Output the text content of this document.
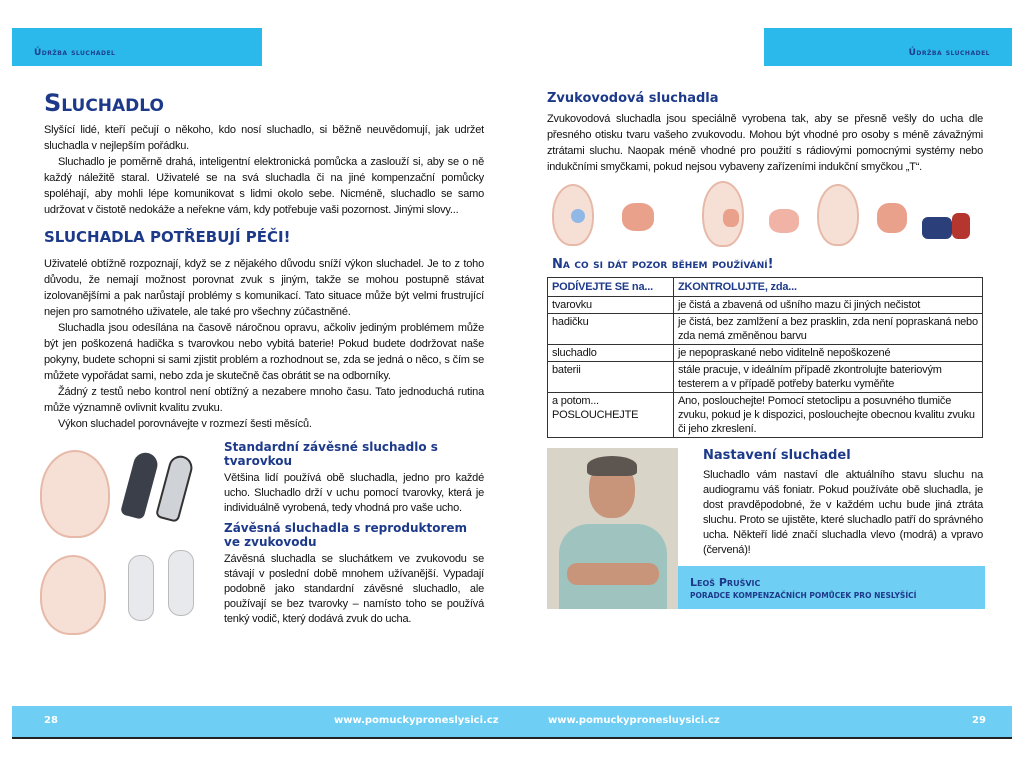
Údržba sluchadel	Údržba sluchadel
Sluchadlo
Slyšící lidé, kteří pečují o někoho, kdo nosí sluchadlo, si běžně neuvědomují, jak udržet sluchadla v nejlepším pořádku.
Sluchadlo je poměrně drahá, inteligentní elektronická pomůcka a zaslouží si, aby se o ně každý náležitě staral. Uživatelé se na svá sluchadla či na jiné kompenzační pomůcky spoléhají, aby mohli lépe komunikovat s lidmi okolo sebe. Nicméně, sluchadlo se samo udržovat v čistotě nedokáže a neřekne vám, kdy potřebuje vaši pozornost. Jinými slovy...
SLUCHADLA POTŘEBUJÍ PÉČI!
Uživatelé obtížně rozpoznají, když se z nějakého důvodu sníží výkon sluchadel. Je to z toho důvodu, že nemají možnost porovnat zvuk s jiným, takže se mohou postupně stávat izolovanějšími a pak narůstají problémy s komunikací. Tato situace může být velmi frustrující nejen pro samotného uživatele, ale také pro všechny zúčastněné.
Sluchadla jsou odesílána na časově náročnou opravu, ačkoliv jediným problémem může být jen poškozená hadička s tvarovkou nebo vybitá baterie! Pokud budete dodržovat naše pokyny, budete schopni si sami zjistit problém a rozhodnout se, zda se jedná o něco, s čím se můžete vypořádat sami, nebo zda je skutečně čas obrátit se na odborníky.
Žádný z testů nebo kontrol není obtížný a nezabere mnoho času. Tato jednoduchá rutina může významně ovlivnit kvalitu zvuku.
Výkon sluchadel porovnávejte v rozmezí šesti měsíců.
Standardní závěsné sluchadlo s tvarovkou
Většina lidí používá obě sluchadla, jedno pro každé ucho. Sluchadlo drží v uchu pomocí tvarovky, která je individuálně vyrobená, tedy vhodná pro vaše ucho.
Závěsná sluchadla s reproduktorem ve zvukovodu
Závěsná sluchadla se sluchátkem ve zvukovodu se stávají v poslední době mnohem užívanější. Vypadají podobně jako standardní závěsné sluchadlo, ale používají se bez tvarovky – namísto toho se používá tenký vodič, který dodává zvuk do ucha.
Zvukovodová sluchadla
Zvukovodová sluchadla jsou speciálně vyrobena tak, aby se přesně vešly do ucha dle přesného otisku tvaru vašeho zvukovodu. Mohou být vhodné pro osoby s méně závažnými ztrátami sluchu. Naopak méně vhodné pro použití s rádiovými pomocnými systémy nebo indukčními smyčkami, pokud nejsou vybaveny zařízeními indukční smyčkou „T“.
Na co si dát pozor během používání!
PODÍVEJTE SE na...	ZKONTROLUJTE, zda...
tvarovku	je čistá a zbavená od ušního mazu či jiných nečistot
hadičku	je čistá, bez zamlžení a bez prasklin, zda není popraskaná nebo zda nemá změněnou barvu
sluchadlo	je nepopraskané nebo viditelně nepoškozené
baterii	stále pracuje, v ideálním případě zkontrolujte bateriovým testerem a v případě potřeby baterku vyměňte
a potom... POSLOUCHEJTE	Ano, poslouchejte! Pomocí stetoclipu a posuvného tlumiče zvuku, pokud je k dispozici, poslouchejte obecnou kvalitu zvuku či jeho zkreslení.
Nastavení sluchadel
Sluchadlo vám nastaví dle aktuálního stavu sluchu na audiogramu váš foniatr. Pokud používáte obě sluchadla, je dost pravděpodobné, že v každém uchu bude jiná ztráta sluchu. Proto se ujistěte, které sluchadlo patří do správného ucha. Někteří lidé značí sluchadla vlevo (modrá) a vpravo (červená)!
Leoš Prušvic
PORADCE KOMPENZAČNÍCH POMŮCEK PRO NESLYŠÍCÍ
28	www.pomuckyproneslysici.cz	www.pomuckypronesluysici.cz	29
